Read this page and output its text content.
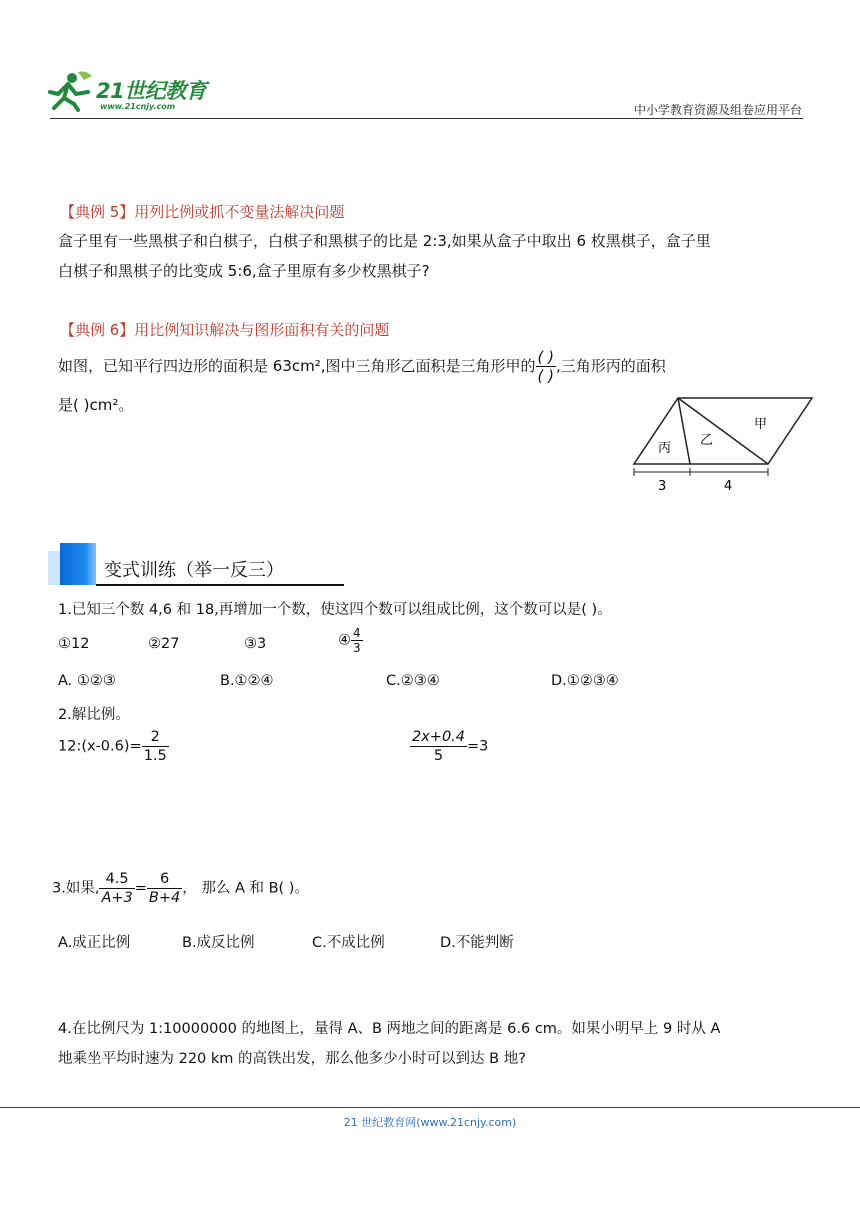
21世纪教育
www.21cnjy.com	中小学教育资源及组卷应用平台
【典例 5】用列比例或抓不变量法解决问题
盒子里有一些黑棋子和白棋子，白棋子和黑棋子的比是 2:3,如果从盒子中取出 6 枚黑棋子，盒子里
白棋子和黑棋子的比变成 5:6,盒子里原有多少枚黑棋子?
【典例 6】用比例知识解决与图形面积有关的问题
如图，已知平行四边形的面积是 63cm²,图中三角形乙面积是三角形甲的 $\frac{( )}{( )}$ ,三角形丙的面积
是( )cm²。
甲
乙
丙
3	4
变式训练（举一反三）
1.已知三个数 4,6 和 18,再增加一个数，使这四个数可以组成比例，这个数可以是( )。
①12	②27	③3	④ $\frac{4}{3}$
A. ①②③	B.①②④	C.②③④	D.①②③④
2.解比例。
12:(x-0.6)= $\frac{2}{1.5}$	$\frac{2x+0.4}{5} =3$
3.如果, $\frac{4.5}{A+3} = \frac{6}{B+4}$ ， 那么 A 和 B( )。
A.成正比例	B.成反比例	C.不成比例	D.不能判断
4.在比例尺为 1:10000000 的地图上，量得 A、B 两地之间的距离是 6.6 cm。如果小明早上 9 时从 A
地乘坐平均时速为 220 km 的高铁出发，那么他多少小时可以到达 B 地?
21 世纪教育网(www.21cnjy.com)
